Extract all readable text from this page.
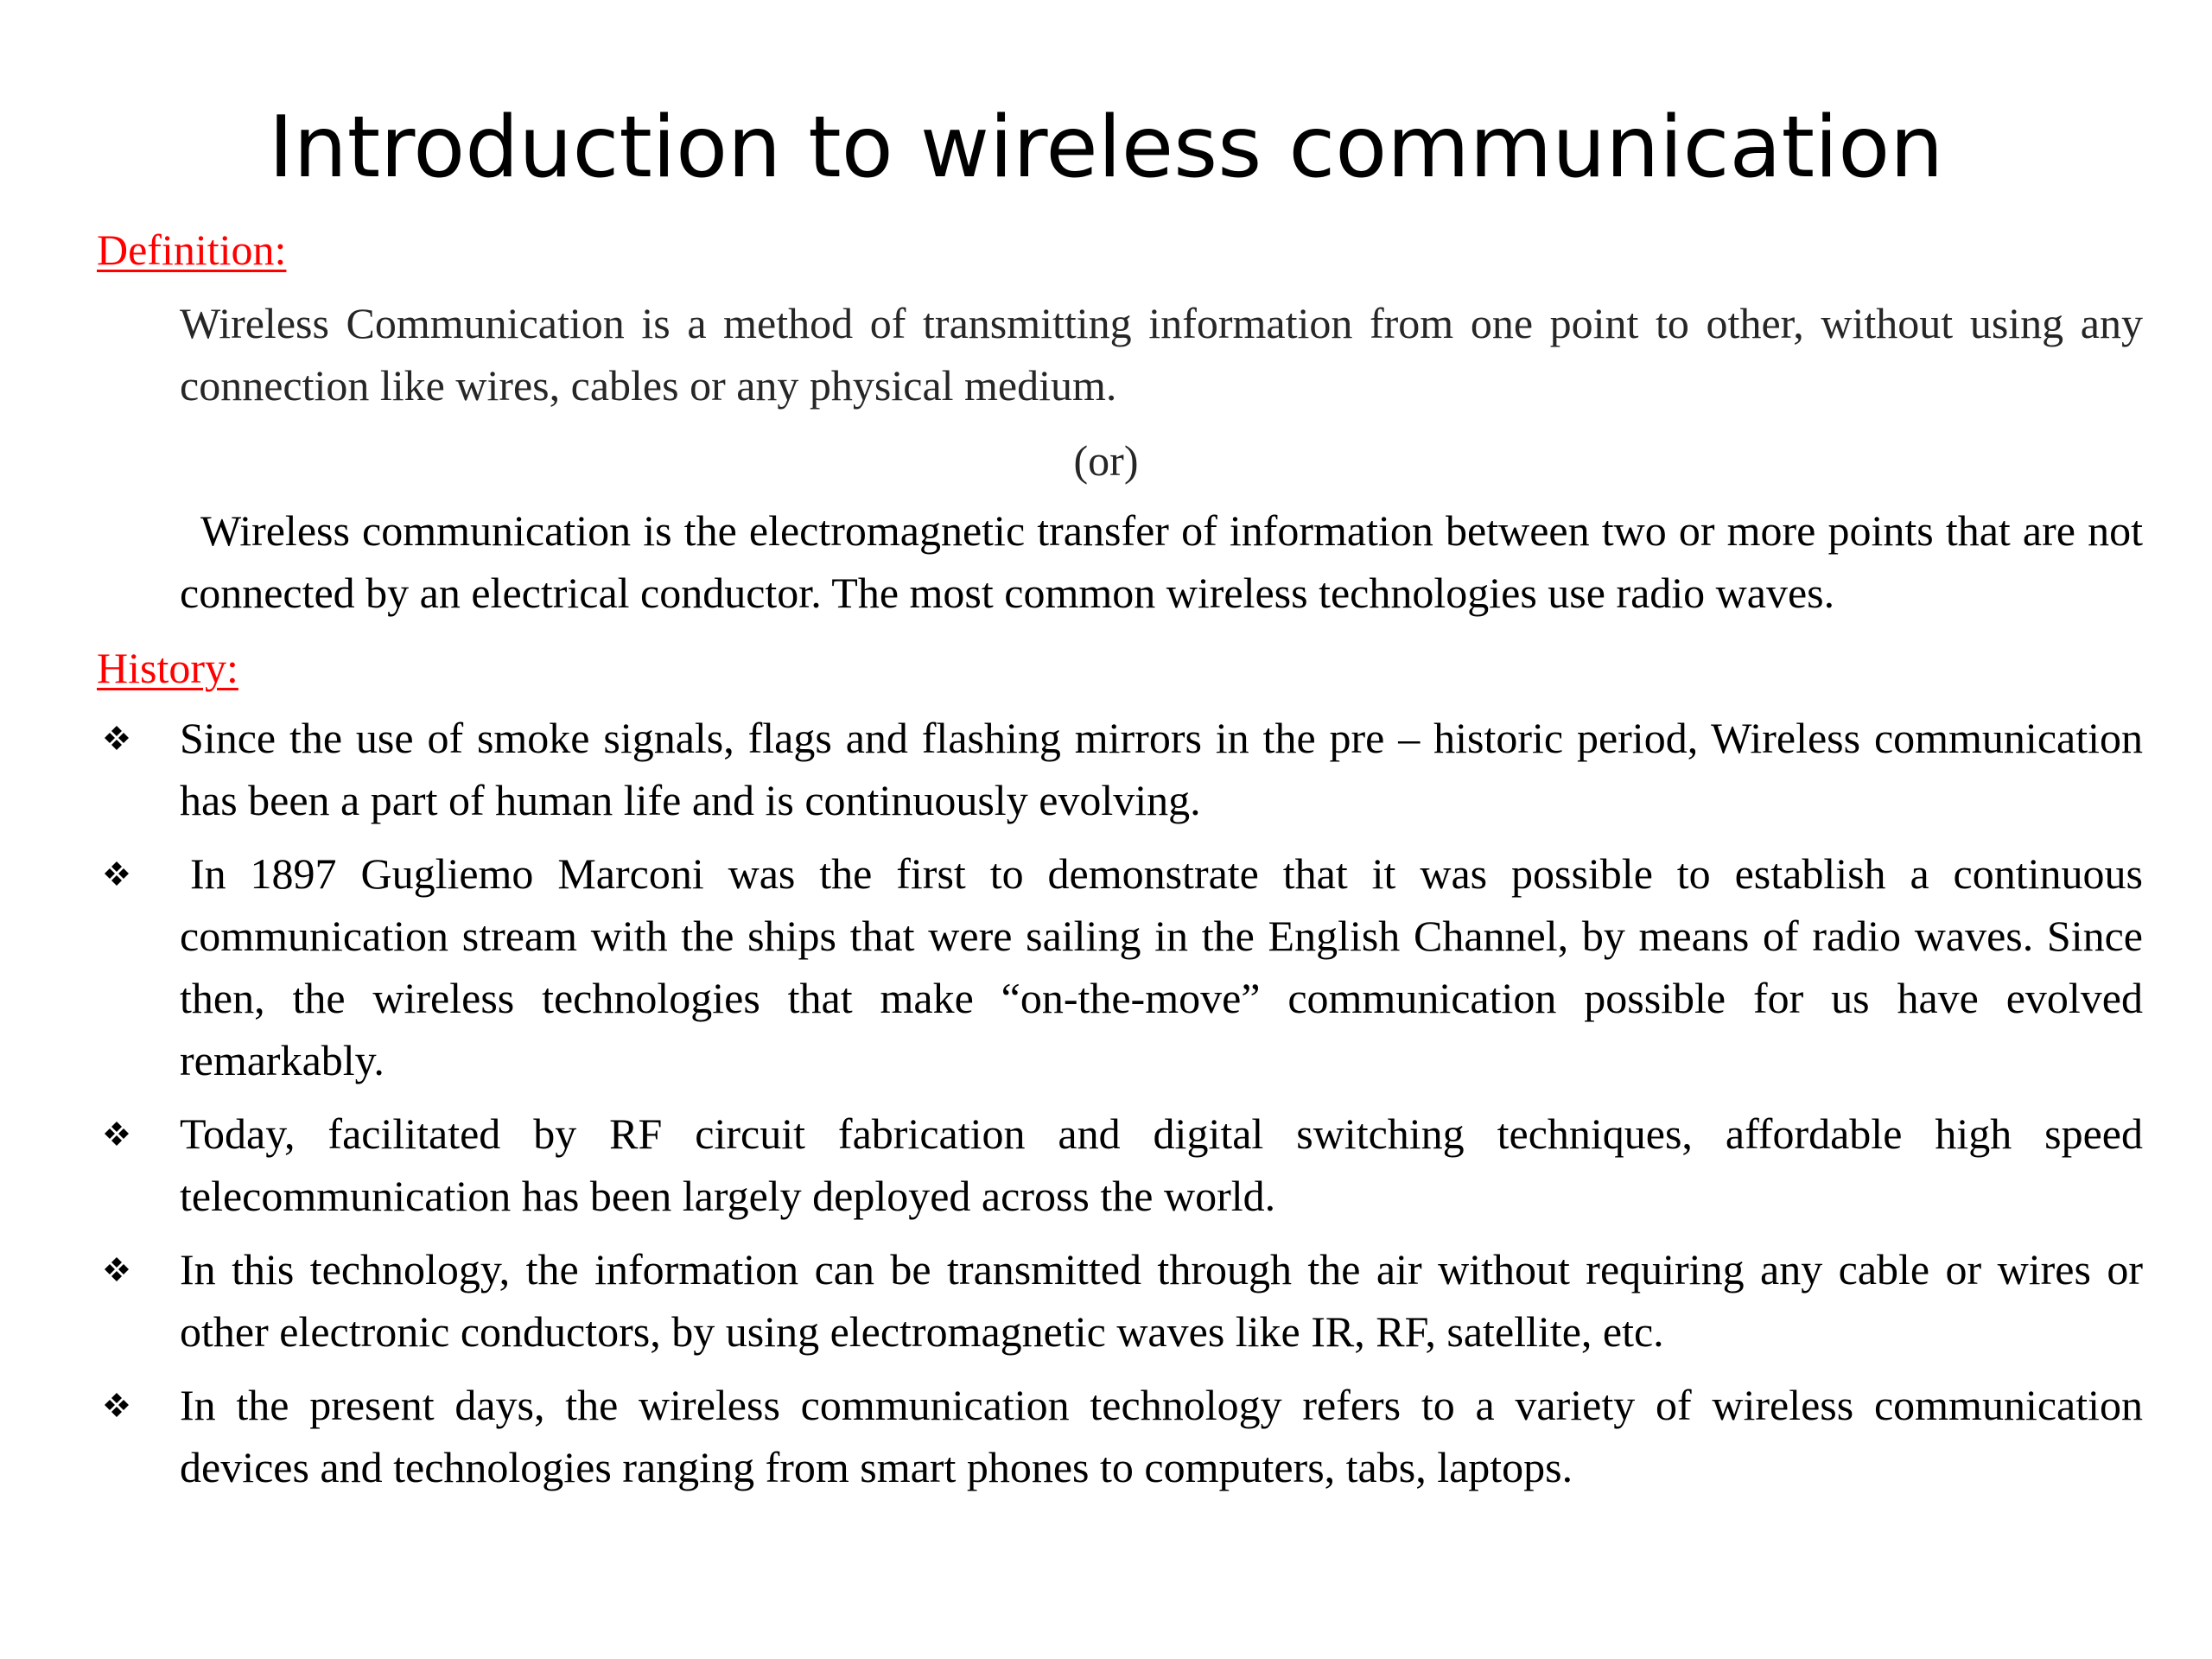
Introduction to wireless communication
Definition:
Wireless Communication is a method of transmitting information from one point to other, without using any connection like wires, cables or any physical medium.
(or)
Wireless communication is the electromagnetic transfer of information between two or more points that are not connected by an electrical conductor. The most common wireless technologies use radio waves.
History:
Since the use of smoke signals, flags and flashing mirrors in the pre – historic period, Wireless communication has been a part of human life and is continuously evolving.
In 1897 Gugliemo Marconi was the first to demonstrate that it was possible to establish a continuous communication stream with the ships that were sailing in the English Channel, by means of radio waves. Since then, the wireless technologies that make “on-the-move” communication possible for us have evolved remarkably.
Today, facilitated by RF circuit fabrication and digital switching techniques, affordable high speed telecommunication has been largely deployed across the world.
In this technology, the information can be transmitted through the air without requiring any cable or wires or other electronic conductors, by using electromagnetic waves like IR, RF, satellite, etc.
In the present days, the wireless communication technology refers to a variety of wireless communication devices and technologies ranging from smart phones to computers, tabs, laptops.
